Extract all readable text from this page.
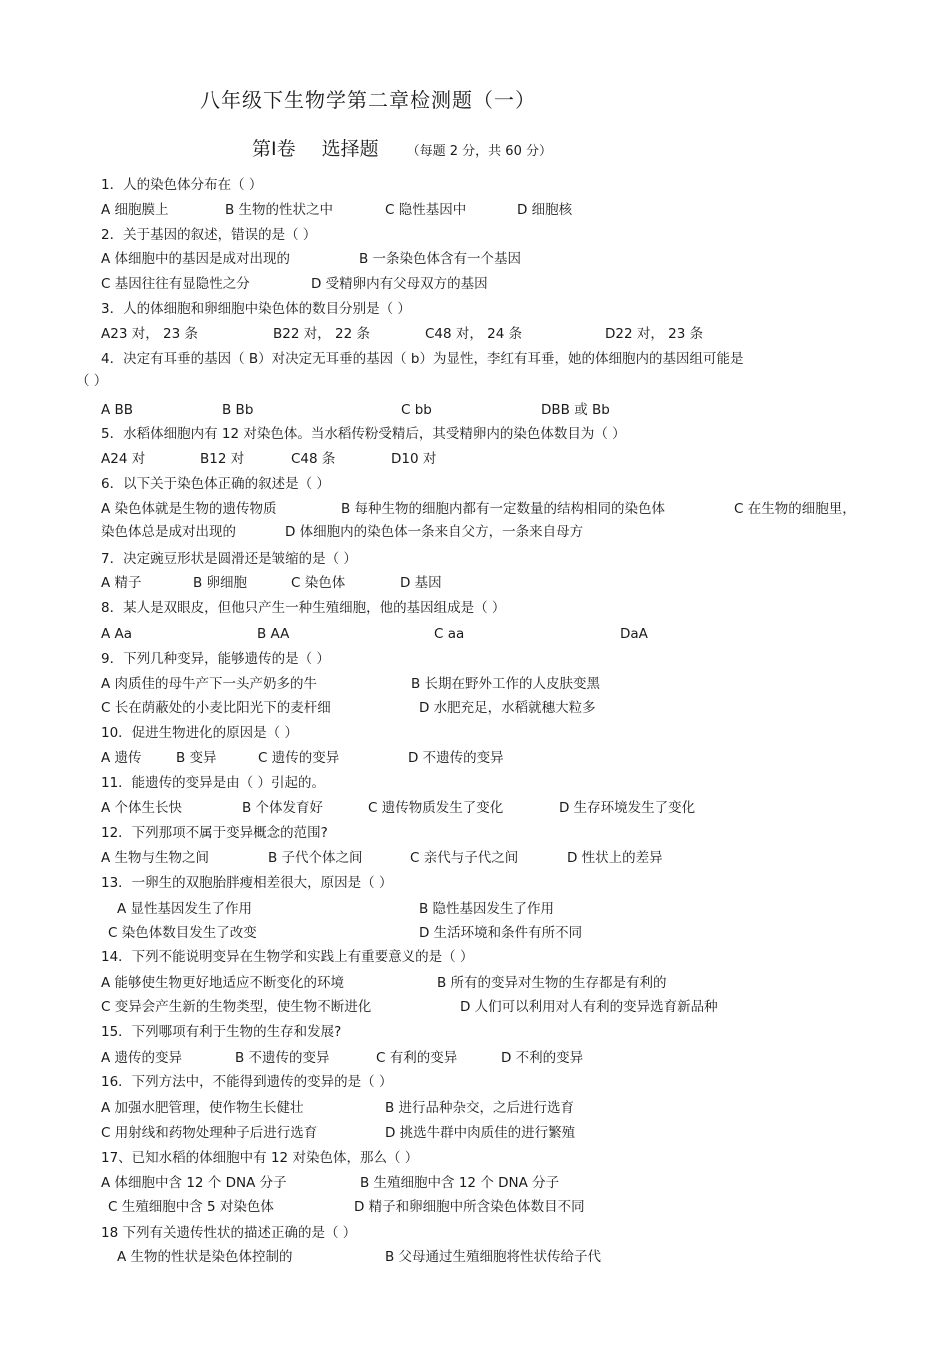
八年级下生物学第二章检测题（一）
第Ⅰ卷 选择题 （每题 2 分，共 60 分）
1．人的染色体分布在（ ）
A 细胞膜上	B 生物的性状之中	C 隐性基因中	D 细胞核
2．关于基因的叙述，错误的是（ ）
A 体细胞中的基因是成对出现的	B 一条染色体含有一个基因
C 基因往往有显隐性之分	D 受精卵内有父母双方的基因
3．人的体细胞和卵细胞中染色体的数目分别是（ ）
A23 对， 23 条	B22 对， 22 条	C48 对， 24 条	D22 对， 23 条
4．决定有耳垂的基因（ B）对决定无耳垂的基因（ b）为显性，李红有耳垂，她的体细胞内的基因组可能是
（ ）
A BB	B Bb	C bb	DBB 或 Bb
5．水稻体细胞内有 12 对染色体。当水稻传粉受精后，其受精卵内的染色体数目为（ ）
A24 对	B12 对	C48 条	D10 对
6．以下关于染色体正确的叙述是（ ）
A 染色体就是生物的遗传物质	B 每种生物的细胞内都有一定数量的结构相同的染色体	C 在生物的细胞里，
染色体总是成对出现的	D 体细胞内的染色体一条来自父方，一条来自母方
7．决定豌豆形状是圆滑还是皱缩的是（ ）
A 精子	B 卵细胞	C 染色体	D 基因
8．某人是双眼皮，但他只产生一种生殖细胞，他的基因组成是（ ）
A Aa	B AA	C aa	DaA
9．下列几种变异，能够遗传的是（ ）
A 肉质佳的母牛产下一头产奶多的牛	B 长期在野外工作的人皮肤变黑
C 长在荫蔽处的小麦比阳光下的麦杆细	D 水肥充足，水稻就穗大粒多
10．促进生物进化的原因是（ ）
A 遗传	B 变异	C 遗传的变异	D 不遗传的变异
11．能遗传的变异是由（ ）引起的。
A 个体生长快	B 个体发育好	C 遗传物质发生了变化	D 生存环境发生了变化
12．下列那项不属于变异概念的范围?
A 生物与生物之间	B 子代个体之间	C 亲代与子代之间	D 性状上的差异
13．一卵生的双胞胎胖瘦相差很大，原因是（ ）
A 显性基因发生了作用	B 隐性基因发生了作用
C 染色体数目发生了改变	D 生活环境和条件有所不同
14．下列不能说明变异在生物学和实践上有重要意义的是（ ）
A 能够使生物更好地适应不断变化的环境	B 所有的变异对生物的生存都是有利的
C 变异会产生新的生物类型，使生物不断进化	D 人们可以利用对人有利的变异选育新品种
15．下列哪项有利于生物的生存和发展?
A 遗传的变异	B 不遗传的变异	C 有利的变异	D 不利的变异
16．下列方法中，不能得到遗传的变异的是（ ）
A 加强水肥管理，使作物生长健壮	B 进行品种杂交，之后进行选育
C 用射线和药物处理种子后进行选育	D 挑选牛群中肉质佳的进行繁殖
17、已知水稻的体细胞中有 12 对染色体，那么（ ）
A 体细胞中含 12 个 DNA 分子	B 生殖细胞中含 12 个 DNA 分子
C 生殖细胞中含 5 对染色体	D 精子和卵细胞中所含染色体数目不同
18 下列有关遗传性状的描述正确的是（ ）
A 生物的性状是染色体控制的	B 父母通过生殖细胞将性状传给子代
